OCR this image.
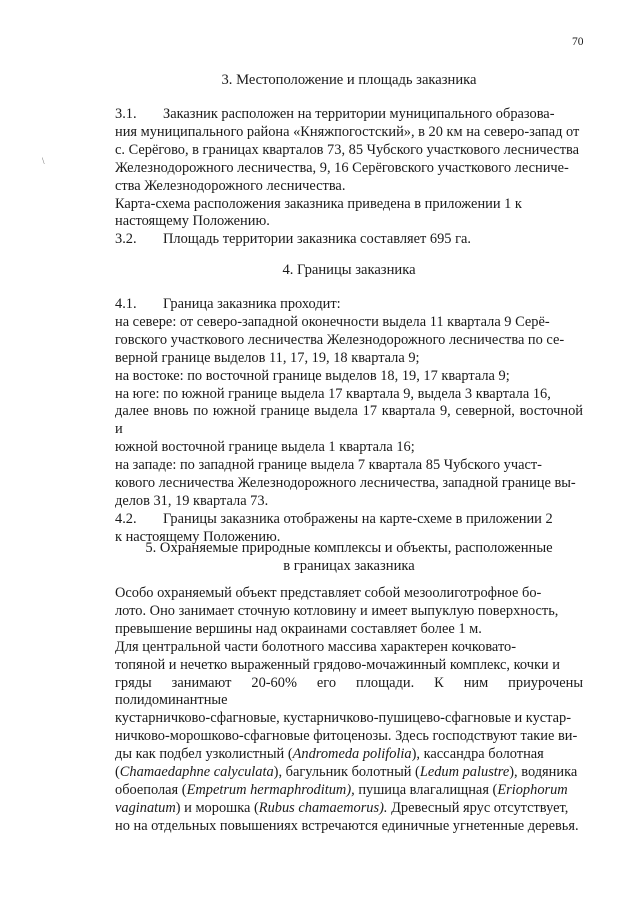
70
\
3. Местоположение и площадь заказника

3.1. Заказник расположен на территории муниципального образова-
ния муниципального района «Княжпогостский», в 20 км на северо-запад от
с. Серёгово, в границах кварталов 73, 85 Чубского участкового лесничества
Железнодорожного лесничества, 9, 16 Серёговского участкового лесниче-
ства Железнодорожного лесничества.

Карта-схема расположения заказника приведена в приложении 1 к
настоящему Положению.

3.2. Площадь территории заказника составляет 695 га.

4. Границы заказника

4.1. Граница заказника проходит:

на севере: от северо-западной оконечности выдела 11 квартала 9 Серё-
говского участкового лесничества Железнодорожного лесничества по се-
верной границе выделов 11, 17, 19, 18 квартала 9;

на востоке: по восточной границе выделов 18, 19, 17 квартала 9;

на юге: по южной границе выдела 17 квартала 9, выдела 3 квартала 16,
далее вновь по южной границе выдела 17 квартала 9, северной, восточной и
южной восточной границе выдела 1 квартала 16;

на западе: по западной границе выдела 7 квартала 85 Чубского участ-
кового лесничества Железнодорожного лесничества, западной границе вы-
делов 31, 19 квартала 73.

4.2. Границы заказника отображены на карте-схеме в приложении 2
к настоящему Положению.

5. Охраняемые природные комплексы и объекты, расположенные
в границах заказника

Особо охраняемый объект представляет собой мезоолиготрофное бо-
лото. Оно занимает сточную котловину и имеет выпуклую поверхность,
превышение вершины над окраинами составляет более 1 м.

Для центральной части болотного массива характерен кочковато-
топяной и нечетко выраженный грядово-мочажинный комплекс, кочки и
гряды занимают 20-60% его площади. К ним приурочены полидоминантные
кустарничково-сфагновые, кустарничково-пушицево-сфагновые и кустар-
ничково-морошково-сфагновые фитоценозы. Здесь господствуют такие ви-
ды как подбел узколистный (Andromeda polifolia), кассандра болотная
(Chamaedaphne calyculata), багульник болотный (Ledum palustre), водяника
обоеполая (Empetrum hermaphroditum), пушица влагалищная (Eriophorum
vaginatum) и морошка (Rubus chamaemorus). Древесный ярус отсутствует,
но на отдельных повышениях встречаются единичные угнетенные деревья.
